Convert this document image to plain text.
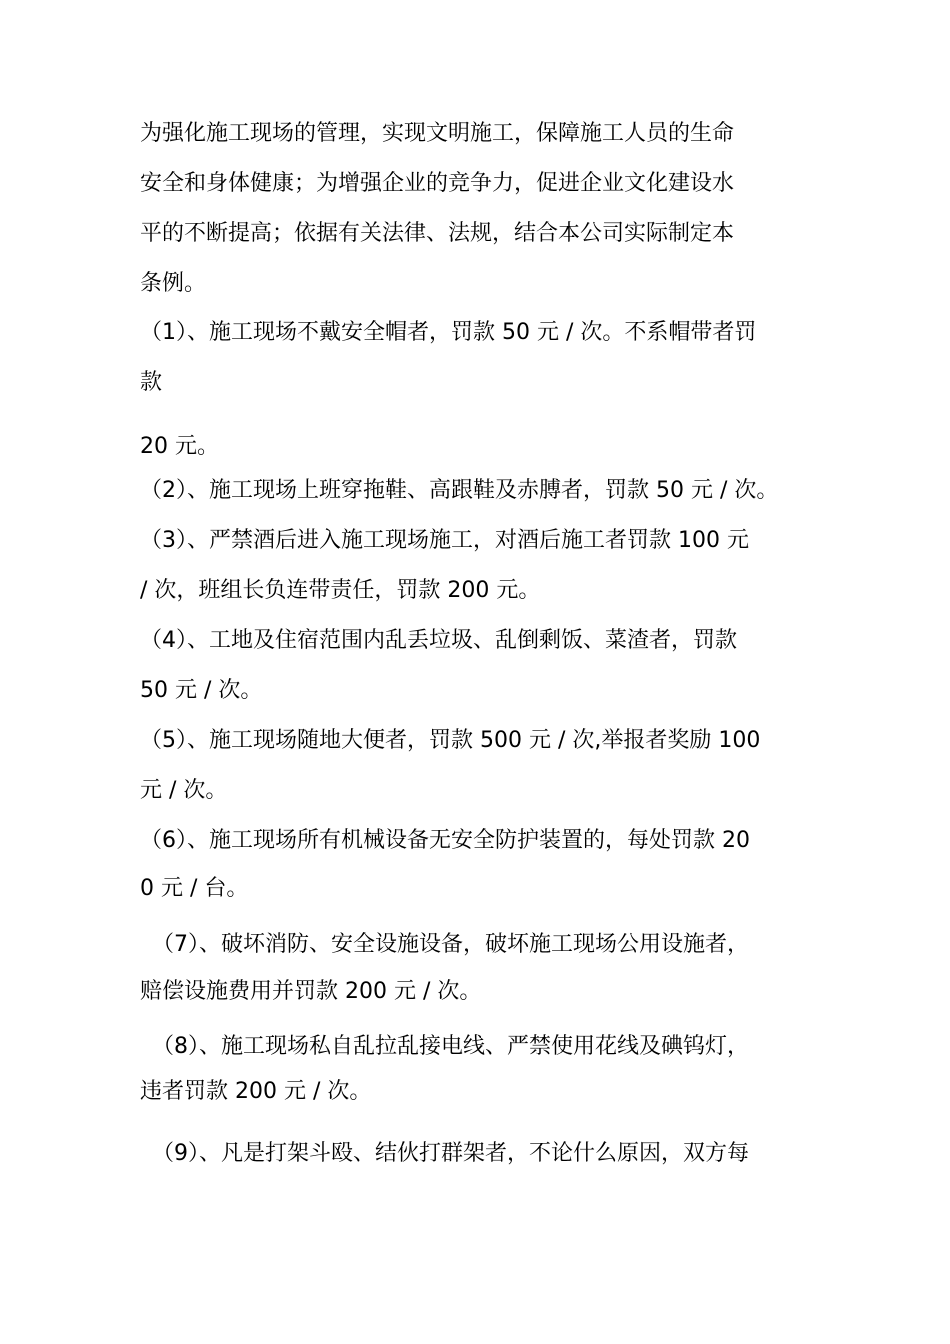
为强化施工现场的管理，实现文明施工，保障施工人员的生命
安全和身体健康；为增强企业的竞争力，促进企业文化建设水
平的不断提高；依据有关法律、法规，结合本公司实际制定本
条例。
（1）、施工现场不戴安全帽者，罚款 50 元 / 次。不系帽带者罚
款
20 元。
（2）、施工现场上班穿拖鞋、高跟鞋及赤膊者，罚款 50 元 / 次。
（3）、严禁酒后进入施工现场施工，对酒后施工者罚款 100 元
/ 次，班组长负连带责任，罚款 200 元。
（4）、工地及住宿范围内乱丢垃圾、乱倒剩饭、菜渣者，罚款
50 元 / 次。
（5）、施工现场随地大便者，罚款 500 元 / 次,举报者奖励 100
元 / 次。
（6）、施工现场所有机械设备无安全防护装置的，每处罚款 20
0 元 / 台。
（7）、破坏消防、安全设施设备，破坏施工现场公用设施者，
赔偿设施费用并罚款 200 元 / 次。
（8）、施工现场私自乱拉乱接电线、严禁使用花线及碘钨灯，
违者罚款 200 元 / 次。
（9）、凡是打架斗殴、结伙打群架者，不论什么原因，双方每
